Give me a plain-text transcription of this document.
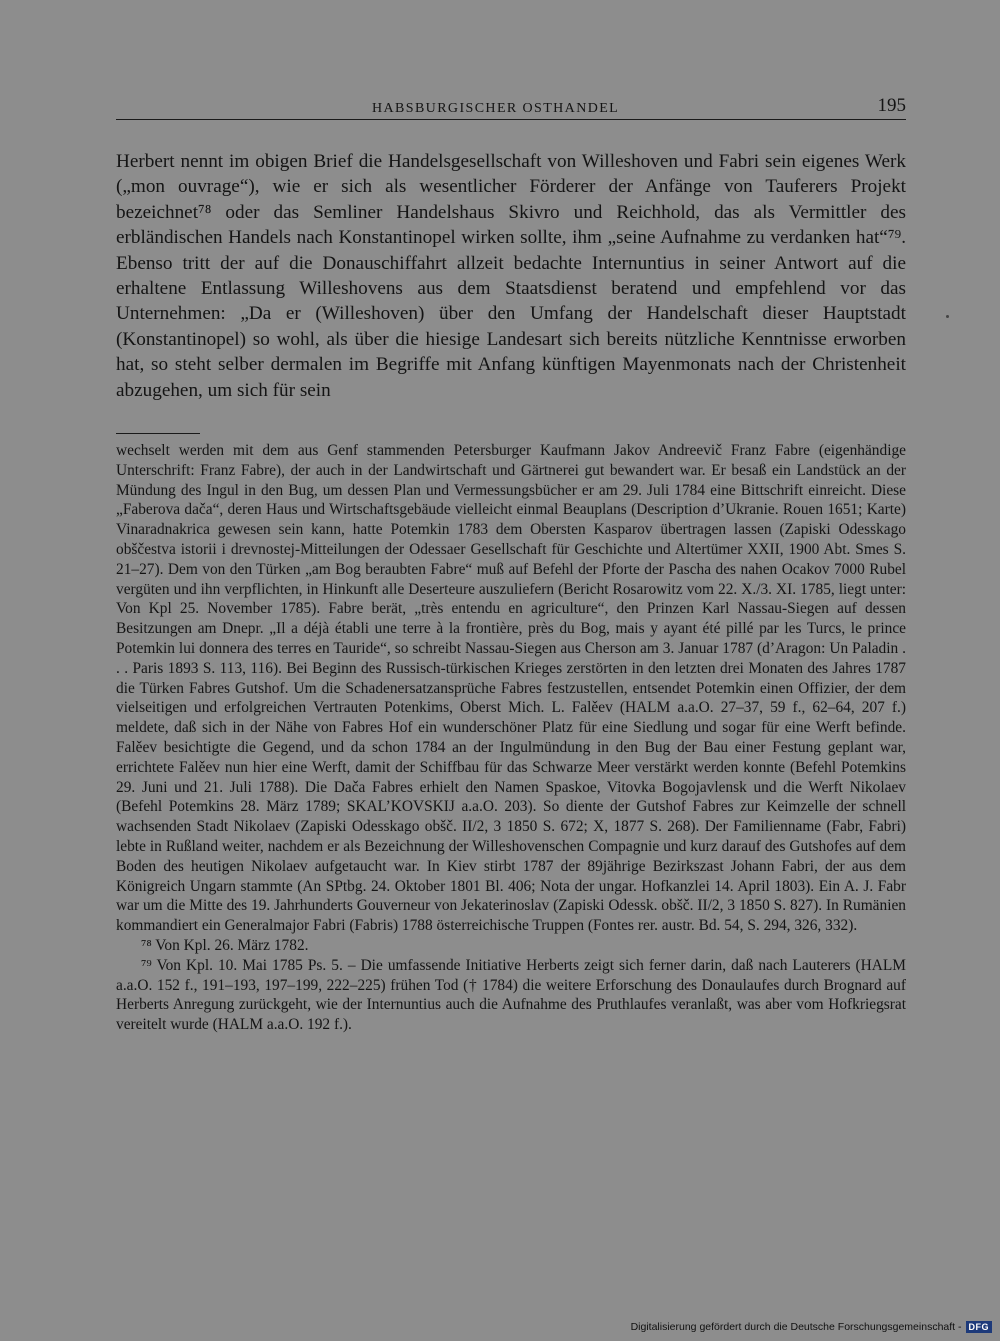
HABSBURGISCHER OSTHANDEL	195

Herbert nennt im obigen Brief die Handelsgesellschaft von Willeshoven und Fabri sein eigenes Werk („mon ouvrage“), wie er sich als wesentlicher Förderer der Anfänge von Tauferers Projekt bezeichnet⁷⁸ oder das Semliner Handelshaus Skivro und Reichhold, das als Vermittler des erbländischen Handels nach Konstantinopel wirken sollte, ihm „seine Aufnahme zu verdanken hat“⁷⁹. Ebenso tritt der auf die Donauschiffahrt allzeit bedachte Internuntius in seiner Antwort auf die erhaltene Entlassung Willeshovens aus dem Staatsdienst beratend und empfehlend vor das Unternehmen: „Da er (Willeshoven) über den Umfang der Handelschaft dieser Hauptstadt (Konstantinopel) so wohl, als über die hiesige Landesart sich bereits nützliche Kenntnisse erworben hat, so steht selber dermalen im Begriffe mit Anfang künftigen Mayenmonats nach der Christenheit abzugehen, um sich für sein

wechselt werden mit dem aus Genf stammenden Petersburger Kaufmann Jakov Andreevič Franz Fabre (eigenhändige Unterschrift: Franz Fabre), der auch in der Landwirtschaft und Gärtnerei gut bewandert war. Er besaß ein Landstück an der Mündung des Ingul in den Bug, um dessen Plan und Vermessungsbücher er am 29. Juli 1784 eine Bittschrift einreicht. Diese „Faberova dača“, deren Haus und Wirtschaftsgebäude vielleicht einmal Beauplans (Description d’Ukranie. Rouen 1651; Karte) Vinaradnakrica gewesen sein kann, hatte Potemkin 1783 dem Obersten Kasparov übertragen lassen (Zapiski Odesskago obščestva istorii i drevnostej-Mitteilungen der Odessaer Gesellschaft für Geschichte und Altertümer XXII, 1900 Abt. Smes S. 21–27). Dem von den Türken „am Bog beraubten Fabre“ muß auf Befehl der Pforte der Pascha des nahen Ocakov 7000 Rubel vergüten und ihn verpflichten, in Hinkunft alle Deserteure auszuliefern (Bericht Rosarowitz vom 22. X./3. XI. 1785, liegt unter: Von Kpl 25. November 1785). Fabre berät, „très entendu en agriculture“, den Prinzen Karl Nassau-Siegen auf dessen Besitzungen am Dnepr. „Il a déjà établi une terre à la frontière, près du Bog, mais y ayant été pillé par les Turcs, le prince Potemkin lui donnera des terres en Tauride“, so schreibt Nassau-Siegen aus Cherson am 3. Januar 1787 (d’Aragon: Un Paladin . . . Paris 1893 S. 113, 116). Bei Beginn des Russisch-türkischen Krieges zerstörten in den letzten drei Monaten des Jahres 1787 die Türken Fabres Gutshof. Um die Schadenersatzansprüche Fabres festzustellen, entsendet Potemkin einen Offizier, der dem vielseitigen und erfolgreichen Vertrauten Potenkims, Oberst Mich. L. Falěev (HALM a.a.O. 27–37, 59 f., 62–64, 207 f.) meldete, daß sich in der Nähe von Fabres Hof ein wunderschöner Platz für eine Siedlung und sogar für eine Werft befinde. Falěev besichtigte die Gegend, und da schon 1784 an der Ingulmündung in den Bug der Bau einer Festung geplant war, errichtete Falěev nun hier eine Werft, damit der Schiffbau für das Schwarze Meer verstärkt werden konnte (Befehl Potemkins 29. Juni und 21. Juli 1788). Die Dača Fabres erhielt den Namen Spaskoe, Vitovka Bogojavlensk und die Werft Nikolaev (Befehl Potemkins 28. März 1789; SKAL’KOVSKIJ a.a.O. 203). So diente der Gutshof Fabres zur Keimzelle der schnell wachsenden Stadt Nikolaev (Zapiski Odesskago obšč. II/2, 3 1850 S. 672; X, 1877 S. 268). Der Familienname (Fabr, Fabri) lebte in Rußland weiter, nachdem er als Bezeichnung der Willeshovenschen Compagnie und kurz darauf des Gutshofes auf dem Boden des heutigen Nikolaev aufgetaucht war. In Kiev stirbt 1787 der 89jährige Bezirkszast Johann Fabri, der aus dem Königreich Ungarn stammte (An SPtbg. 24. Oktober 1801 Bl. 406; Nota der ungar. Hofkanzlei 14. April 1803). Ein A. J. Fabr war um die Mitte des 19. Jahrhunderts Gouverneur von Jekaterinoslav (Zapiski Odessk. obšč. II/2, 3 1850 S. 827). In Rumänien kommandiert ein Generalmajor Fabri (Fabris) 1788 österreichische Truppen (Fontes rer. austr. Bd. 54, S. 294, 326, 332).

⁷⁸ Von Kpl. 26. März 1782.

⁷⁹ Von Kpl. 10. Mai 1785 Ps. 5. – Die umfassende Initiative Herberts zeigt sich ferner darin, daß nach Lauterers (HALM a.a.O. 152 f., 191–193, 197–199, 222–225) frühen Tod († 1784) die weitere Erforschung des Donaulaufes durch Brognard auf Herberts Anregung zurückgeht, wie der Internuntius auch die Aufnahme des Pruthlaufes veranlaßt, was aber vom Hofkriegsrat vereitelt wurde (HALM a.a.O. 192 f.).

Digitalisierung gefördert durch die Deutsche Forschungsgemeinschaft - DFG
